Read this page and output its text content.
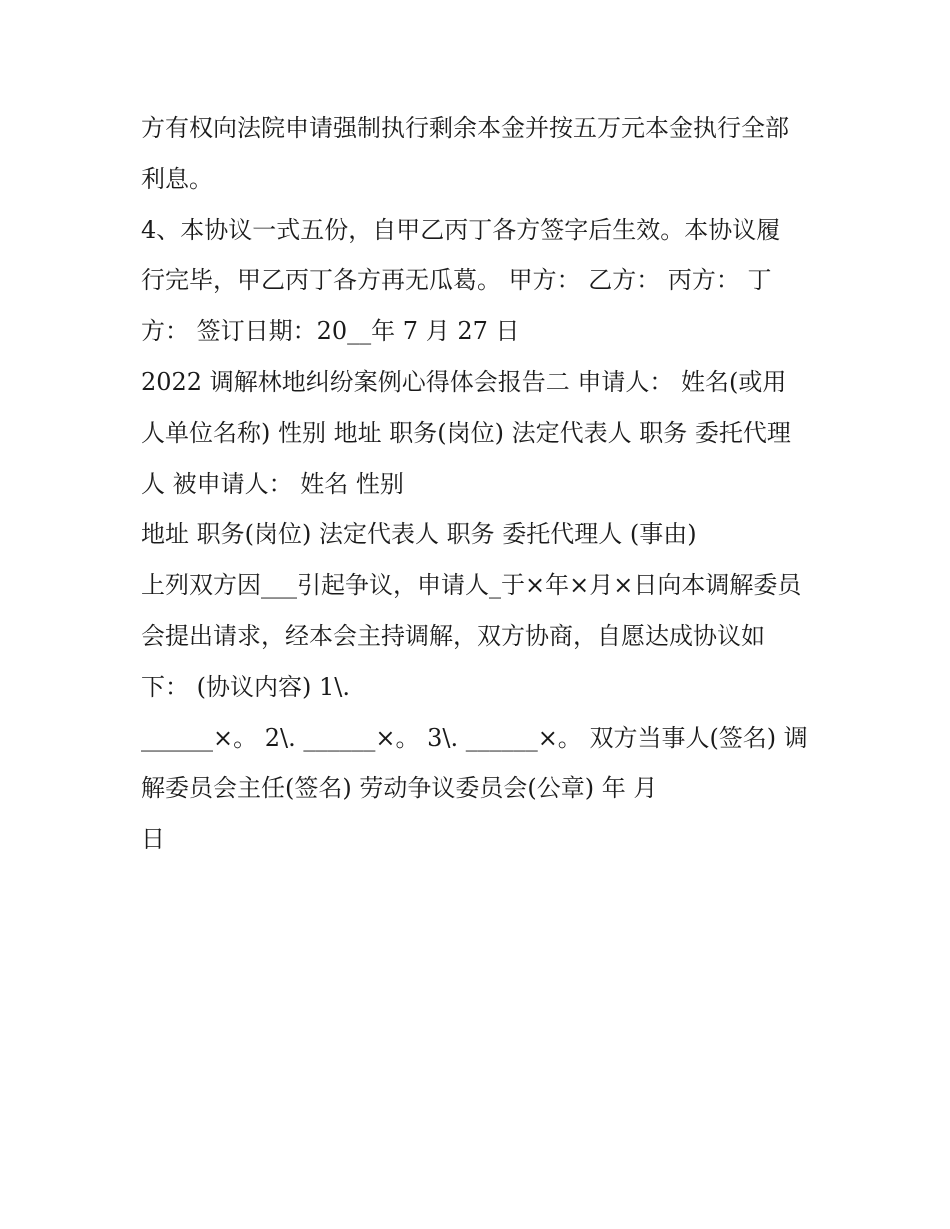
方有权向法院申请强制执行剩余本金并按五万元本金执行全部
利息。
4、本协议一式五份，自甲乙丙丁各方签字后生效。本协议履
行完毕，甲乙丙丁各方再无瓜葛。 甲方： 乙方： 丙方： 丁
方： 签订日期：20__年 7 月 27 日
2022 调解林地纠纷案例心得体会报告二 申请人： 姓名(或用
人单位名称) 性别 地址 职务(岗位) 法定代表人 职务 委托代理
人 被申请人： 姓名 性别
地址 职务(岗位) 法定代表人 职务 委托代理人 (事由)
上列双方因___引起争议，申请人_于×年×月×日向本调解委员
会提出请求，经本会主持调解，双方协商，自愿达成协议如
下： (协议内容) 1\.
______×。 2\. ______×。 3\. ______×。 双方当事人(签名) 调
解委员会主任(签名) 劳动争议委员会(公章) 年 月
日
